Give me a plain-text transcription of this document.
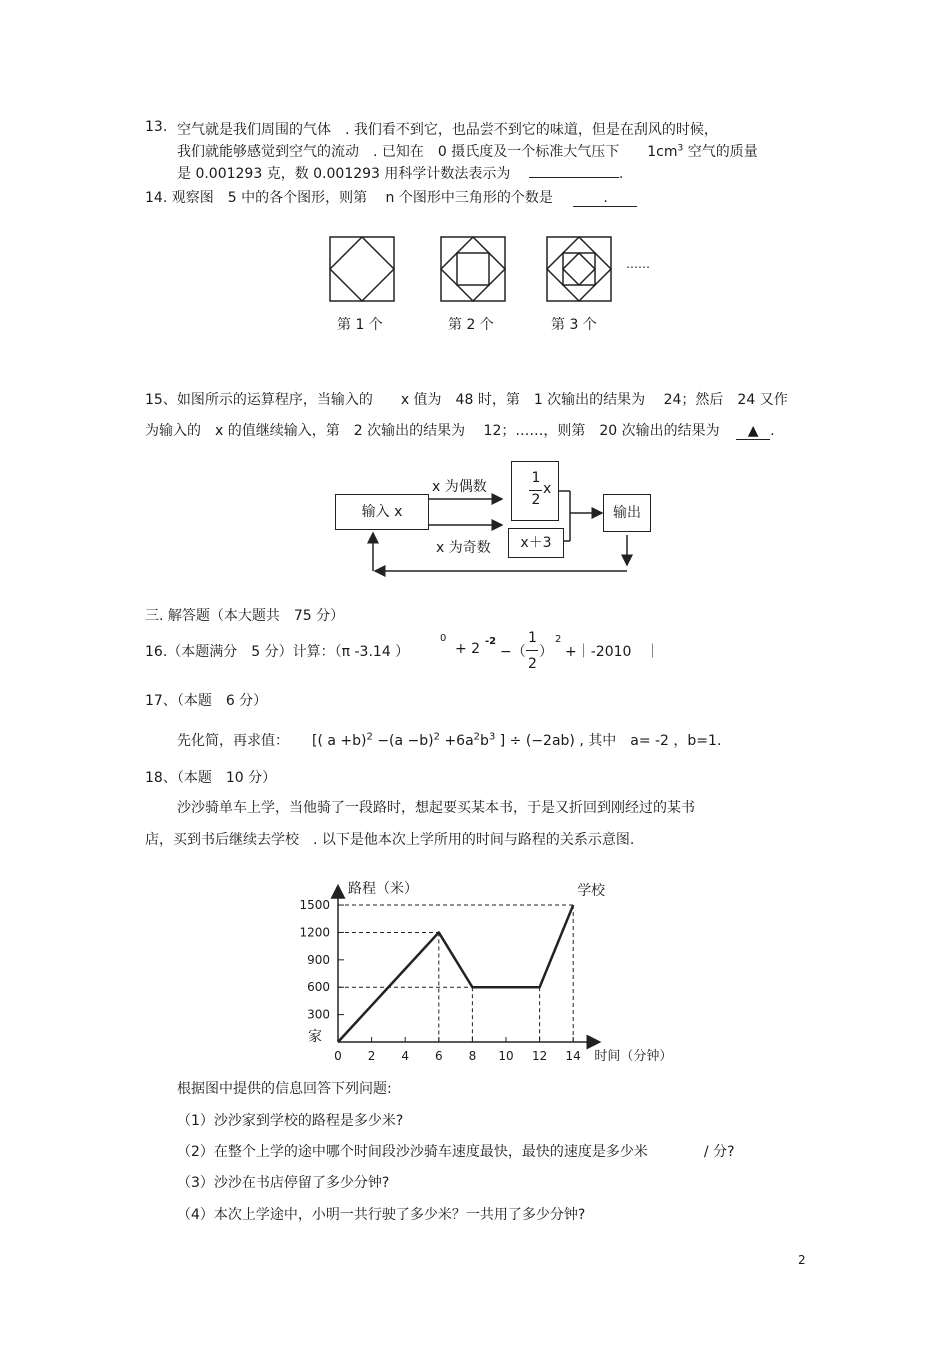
13. 空气就是我们周围的气体　. 我们看不到它，也品尝不到它的味道，但是在刮风的时候，
我们就能够感觉到空气的流动　. 已知在　0 摄氏度及一个标准大气压下　　$1cm^3$ 空气的质量
是 0.001293 克，数 0.001293 用科学计数法表示为	.
14. 观察图　5 中的各个图形，则第　 n 个图形中三角形的个数是	.

……
第 1 个	第 2 个	第 3 个
15、如图所示的运算程序，当输入的　　x 值为　48 时，第　1 次输出的结果为　 24；然后　24 又作
为输入的　x 的值继续输入，第　2 次输出的结果为　 12；……，则第　20 次输出的结果为 ▲ .
输入 x
x 为偶数
x 为奇数
1
2
x
x＋3
输出
三. 解答题（本大题共　75 分）
16.（本题满分　5 分）计算：（π -3.14 ）
0
+ 2 -2
−（
1
2
）
2
+｜-2010　｜
17、（本题　6 分）
先化简，再求值： [( $a +b)^2 -(a -b)^2 +6a^2b^3$ ] ÷ (−2ab) , 其中　a= -2 ，b=1.
18、（本题　10 分）
沙沙骑单车上学，当他骑了一段路时，想起要买某本书，于是又折回到刚经过的某书
店，买到书后继续去学校　. 以下是他本次上学所用的时间与路程的关系示意图.
300
600
900
1200
1500
0 2 4 6 8 10 12 14
路程（米）
时间（分钟）
家
学校
根据图中提供的信息回答下列问题:
（1）沙沙家到学校的路程是多少米?
（2）在整个上学的途中哪个时间段沙沙骑车速度最快，最快的速度是多少米　　　　/ 分?
（3）沙沙在书店停留了多少分钟?
（4）本次上学途中，小明一共行驶了多少米？一共用了多少分钟?
2
